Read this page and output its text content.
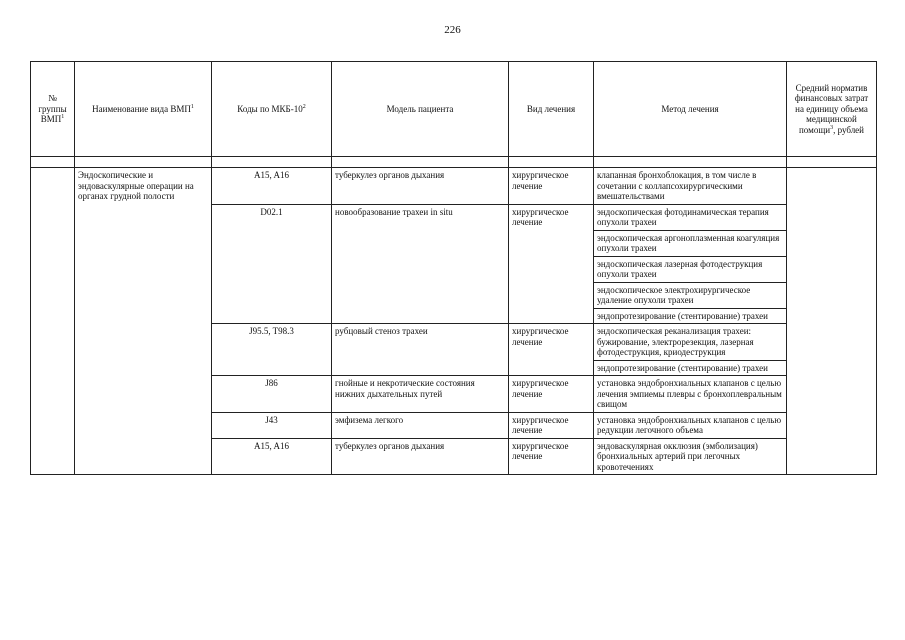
226
№ группы ВМП$^1$	Наименование вида ВМП$^1$	Коды по МКБ-$10^2$	Модель пациента	Вид лечения	Метод лечения	Средний норматив финансовых затрат на единицу объема медицинской помощи$^3$, рублей

	Эндоскопические и эндоваскулярные операции на органах грудной полости	A15, A16	туберкулез органов дыхания	хирургическое лечение	клапанная бронхоблокация, в том числе в сочетании с коллапсохирургическими вмешательствами	
		D02.1	новообразование трахеи in situ	хирургическое лечение	эндоскопическая фотодинамическая терапия опухоли трахеи	
					эндоскопическая аргоноплазменная коагуляция опухоли трахеи	
					эндоскопическая лазерная фотодеструкция опухоли трахеи	
					эндоскопическое электрохирургическое удаление опухоли трахеи	
					эндопротезирование (стентирование) трахеи	
		J95.5, T98.3	рубцовый стеноз трахеи	хирургическое лечение	эндоскопическая реканализация трахеи: бужирование, электрорезекция, лазерная фотодеструкция, криодеструкция	
					эндопротезирование (стентирование) трахеи	
		J86	гнойные и некротические состояния нижних дыхательных путей	хирургическое лечение	установка эндобронхиальных клапанов с целью лечения эмпиемы плевры с бронхоплевральным свищом	
		J43	эмфизема легкого	хирургическое лечение	установка эндобронхиальных клапанов с целью редукции легочного объема	
		A15, A16	туберкулез органов дыхания	хирургическое лечение	эндоваскулярная окклюзия (эмболизация) бронхиальных артерий при легочных кровотечениях	
